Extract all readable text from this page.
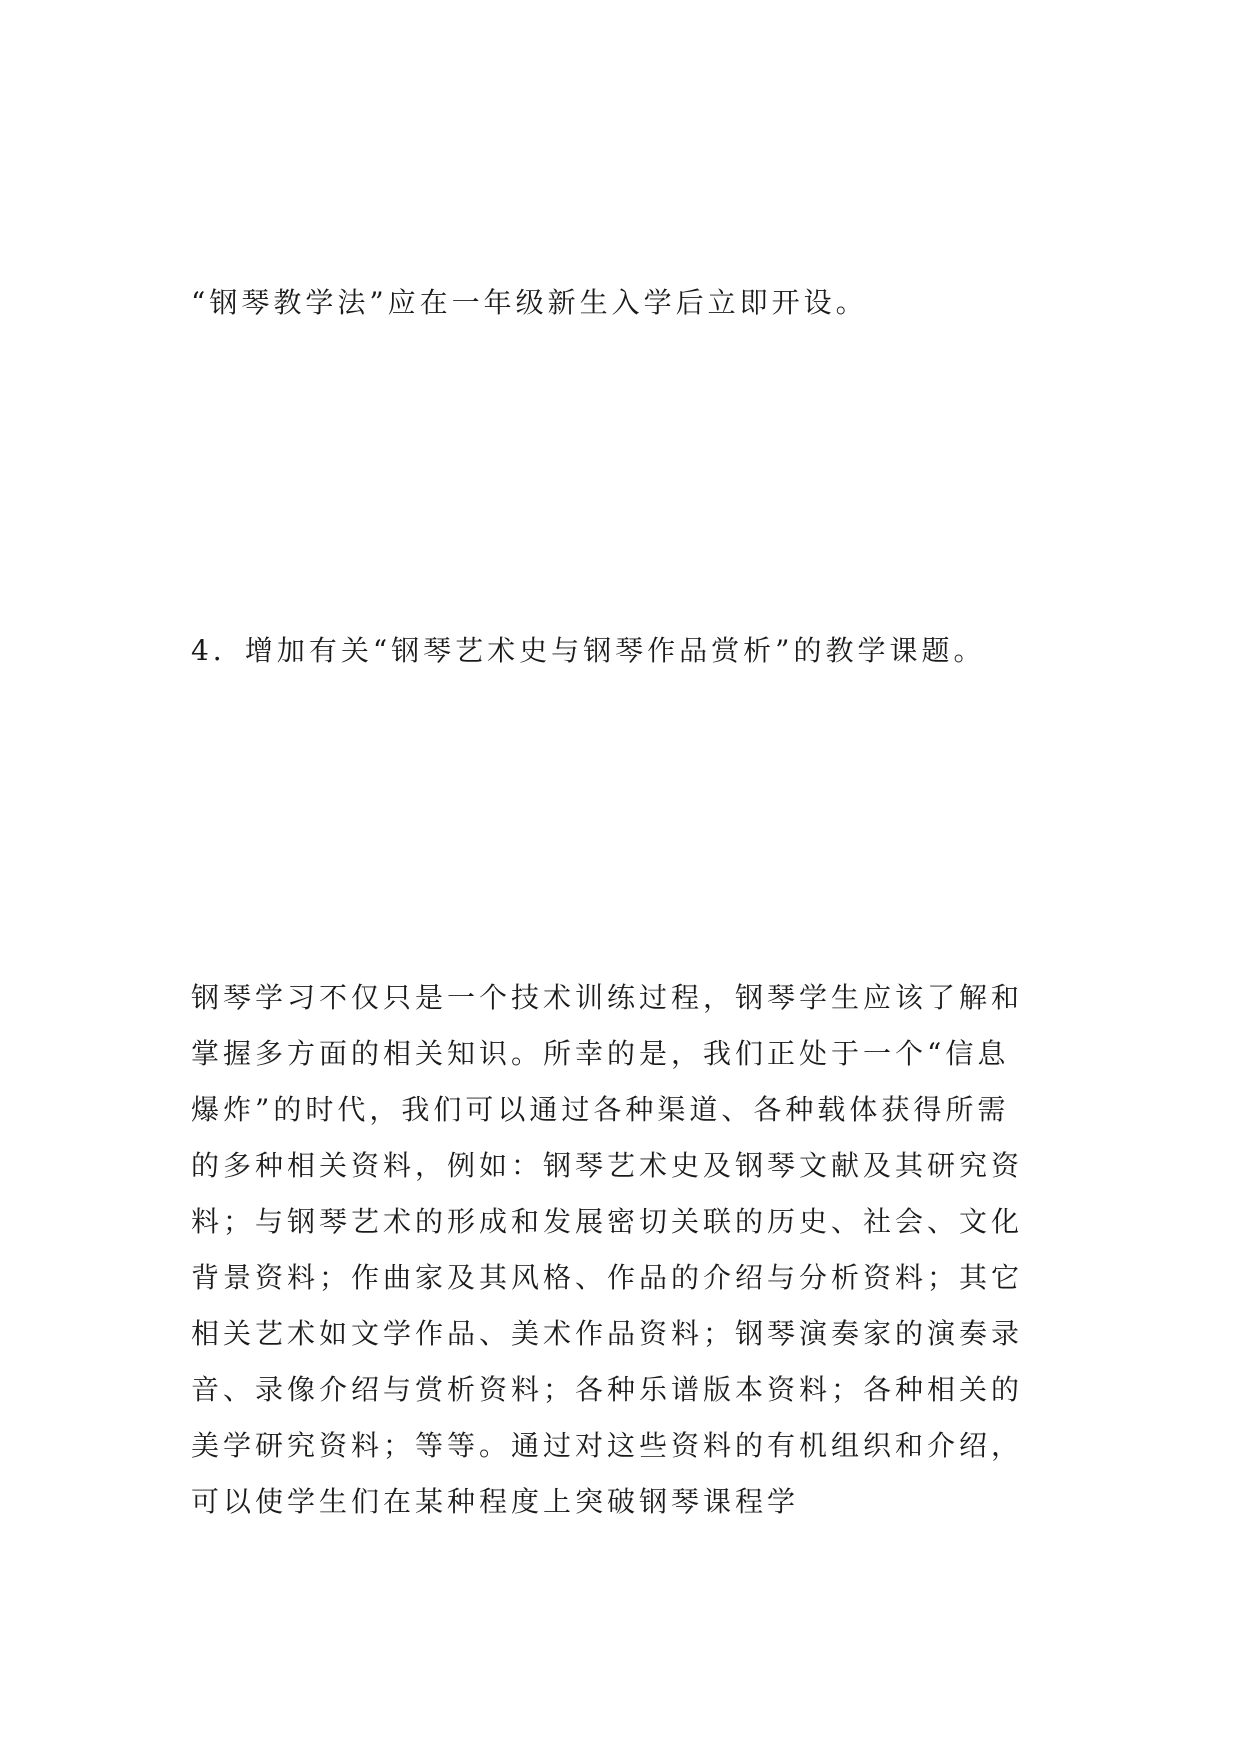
“钢琴教学法”应在一年级新生入学后立即开设。

4．增加有关“钢琴艺术史与钢琴作品赏析”的教学课题。

钢琴学习不仅只是一个技术训练过程，钢琴学生应该了解和
掌握多方面的相关知识。所幸的是，我们正处于一个“信息
爆炸”的时代，我们可以通过各种渠道、各种载体获得所需
的多种相关资料，例如：钢琴艺术史及钢琴文献及其研究资
料；与钢琴艺术的形成和发展密切关联的历史、社会、文化
背景资料；作曲家及其风格、作品的介绍与分析资料；其它
相关艺术如文学作品、美术作品资料；钢琴演奏家的演奏录
音、录像介绍与赏析资料；各种乐谱版本资料；各种相关的
美学研究资料；等等。通过对这些资料的有机组织和介绍，
可以使学生们在某种程度上突破钢琴课程学
